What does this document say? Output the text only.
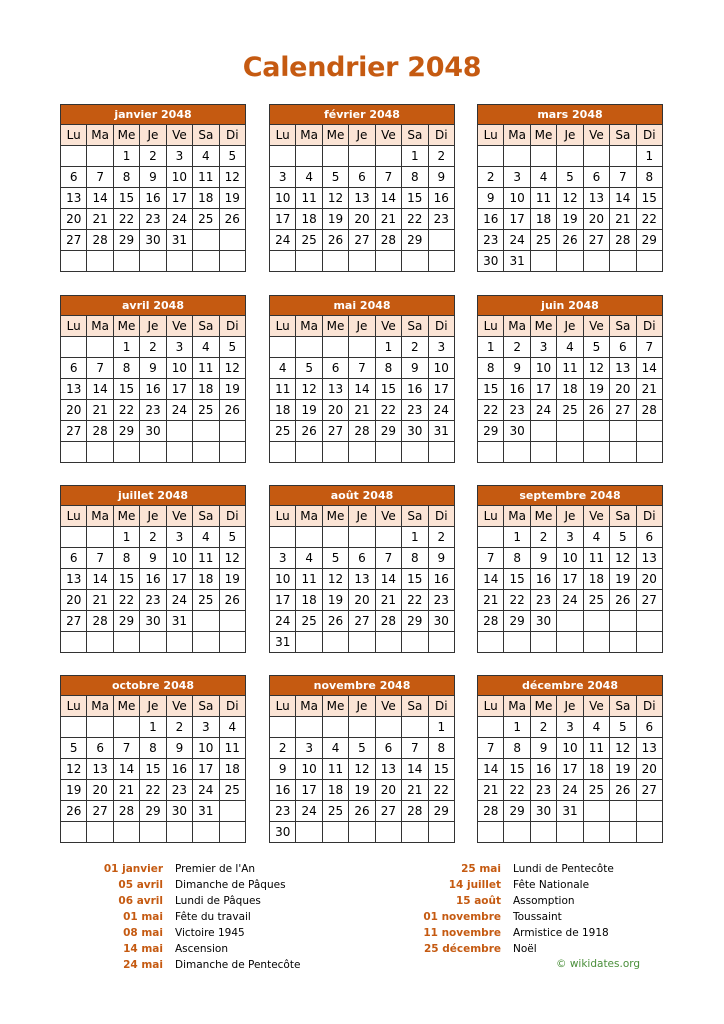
Calendrier 2048
janvier 2048						
Lu	Ma	Me	Je	Ve	Sa	Di
		1	2	3	4	5
6	7	8	9	10	11	12
13	14	15	16	17	18	19
20	21	22	23	24	25	26
27	28	29	30	31		

février 2048						
Lu	Ma	Me	Je	Ve	Sa	Di
					1	2
3	4	5	6	7	8	9
10	11	12	13	14	15	16
17	18	19	20	21	22	23
24	25	26	27	28	29	

mars 2048						
Lu	Ma	Me	Je	Ve	Sa	Di
						1
2	3	4	5	6	7	8
9	10	11	12	13	14	15
16	17	18	19	20	21	22
23	24	25	26	27	28	29
30	31					
avril 2048						
Lu	Ma	Me	Je	Ve	Sa	Di
		1	2	3	4	5
6	7	8	9	10	11	12
13	14	15	16	17	18	19
20	21	22	23	24	25	26
27	28	29	30			

mai 2048						
Lu	Ma	Me	Je	Ve	Sa	Di
				1	2	3
4	5	6	7	8	9	10
11	12	13	14	15	16	17
18	19	20	21	22	23	24
25	26	27	28	29	30	31

juin 2048						
Lu	Ma	Me	Je	Ve	Sa	Di
1	2	3	4	5	6	7
8	9	10	11	12	13	14
15	16	17	18	19	20	21
22	23	24	25	26	27	28
29	30					

juillet 2048						
Lu	Ma	Me	Je	Ve	Sa	Di
		1	2	3	4	5
6	7	8	9	10	11	12
13	14	15	16	17	18	19
20	21	22	23	24	25	26
27	28	29	30	31		

août 2048						
Lu	Ma	Me	Je	Ve	Sa	Di
					1	2
3	4	5	6	7	8	9
10	11	12	13	14	15	16
17	18	19	20	21	22	23
24	25	26	27	28	29	30
31						
septembre 2048						
Lu	Ma	Me	Je	Ve	Sa	Di
	1	2	3	4	5	6
7	8	9	10	11	12	13
14	15	16	17	18	19	20
21	22	23	24	25	26	27
28	29	30				

octobre 2048						
Lu	Ma	Me	Je	Ve	Sa	Di
			1	2	3	4
5	6	7	8	9	10	11
12	13	14	15	16	17	18
19	20	21	22	23	24	25
26	27	28	29	30	31	

novembre 2048						
Lu	Ma	Me	Je	Ve	Sa	Di
						1
2	3	4	5	6	7	8
9	10	11	12	13	14	15
16	17	18	19	20	21	22
23	24	25	26	27	28	29
30						
décembre 2048						
Lu	Ma	Me	Je	Ve	Sa	Di
	1	2	3	4	5	6
7	8	9	10	11	12	13
14	15	16	17	18	19	20
21	22	23	24	25	26	27
28	29	30	31			

01 janvier Premier de l'An
05 avril Dimanche de Pâques
06 avril Lundi de Pâques
01 mai Fête du travail
08 mai Victoire 1945
14 mai Ascension
24 mai Dimanche de Pentecôte
25 mai Lundi de Pentecôte
14 juillet Fête Nationale
15 août Assomption
01 novembre Toussaint
11 novembre Armistice de 1918
25 décembre Noël
© wikidates.org
